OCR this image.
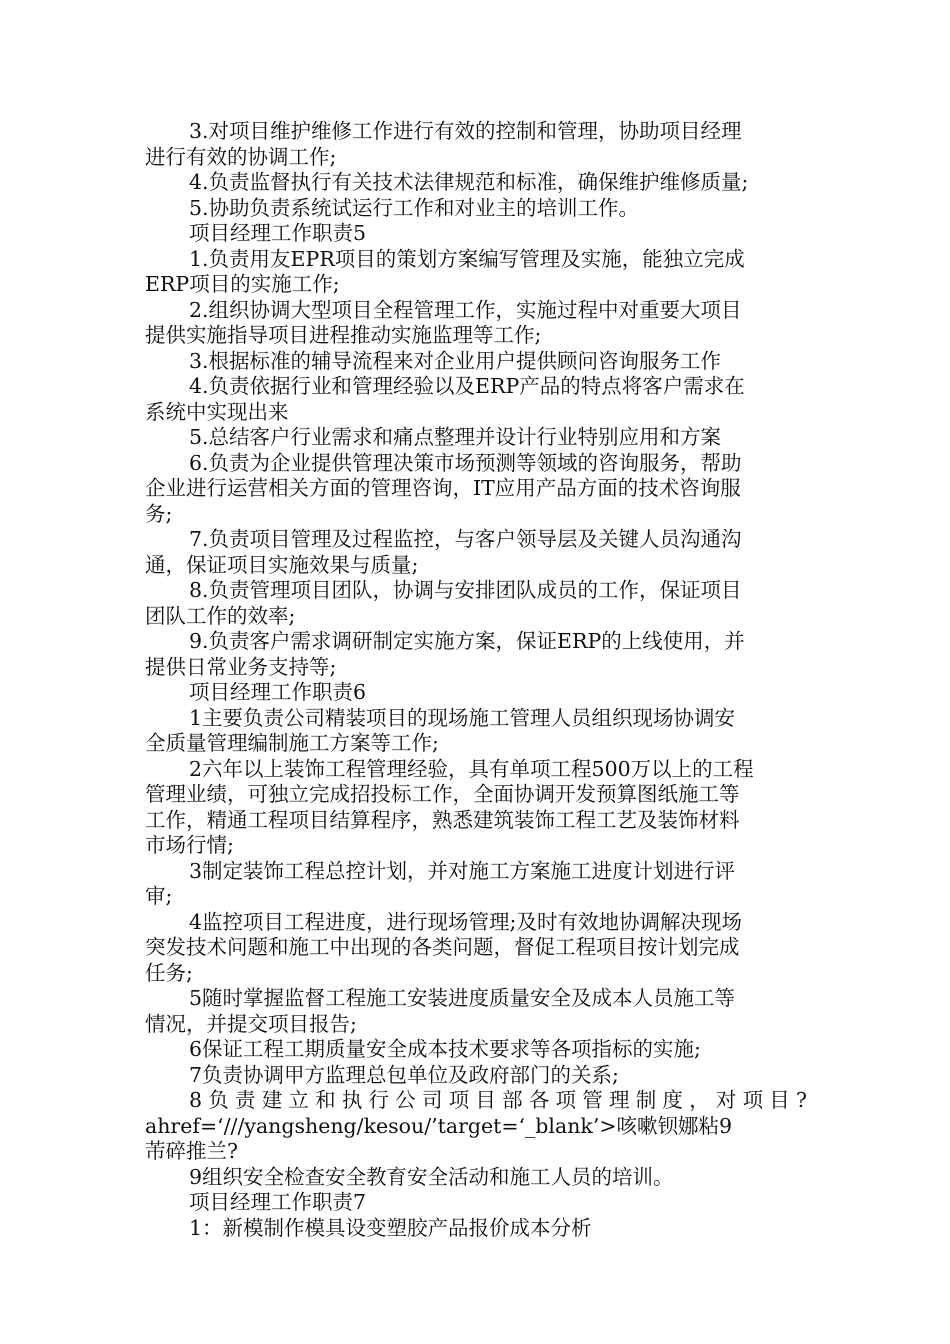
3.对项目维护维修工作进行有效的控制和管理，协助项目经理
进行有效的协调工作;
4.负责监督执行有关技术法律规范和标准，确保维护维修质量;
5.协助负责系统试运行工作和对业主的培训工作。
项目经理工作职责5
1.负责用友EPR项目的策划方案编写管理及实施，能独立完成
ERP项目的实施工作;
2.组织协调大型项目全程管理工作，实施过程中对重要大项目
提供实施指导项目进程推动实施监理等工作;
3.根据标准的辅导流程来对企业用户提供顾问咨询服务工作
4.负责依据行业和管理经验以及ERP产品的特点将客户需求在
系统中实现出来
5.总结客户行业需求和痛点整理并设计行业特别应用和方案
6.负责为企业提供管理决策市场预测等领域的咨询服务，帮助
企业进行运营相关方面的管理咨询，IT应用产品方面的技术咨询服
务;
7.负责项目管理及过程监控，与客户领导层及关键人员沟通沟
通，保证项目实施效果与质量;
8.负责管理项目团队，协调与安排团队成员的工作，保证项目
团队工作的效率;
9.负责客户需求调研制定实施方案，保证ERP的上线使用，并
提供日常业务支持等;
项目经理工作职责6
1主要负责公司精装项目的现场施工管理人员组织现场协调安
全质量管理编制施工方案等工作;
2六年以上装饰工程管理经验，具有单项工程500万以上的工程
管理业绩，可独立完成招投标工作，全面协调开发预算图纸施工等
工作，精通工程项目结算程序，熟悉建筑装饰工程工艺及装饰材料
市场行情;
3制定装饰工程总控计划，并对施工方案施工进度计划进行评
审;
4监控项目工程进度，进行现场管理;及时有效地协调解决现场
突发技术问题和施工中出现的各类问题，督促工程项目按计划完成
任务;
5随时掌握监督工程施工安装进度质量安全及成本人员施工等
情况，并提交项目报告;
6保证工程工期质量安全成本技术要求等各项指标的实施;
7负责协调甲方监理总包单位及政府部门的关系;
8负责建立和执行公司项目部各项管理制度，对项目?
ahref=‘///yangsheng/kesou/’target=‘_blank’>咳嗽钡娜粘9
芾碎推兰?
9组织安全检查安全教育安全活动和施工人员的培训。
项目经理工作职责7
1：新模制作模具设变塑胶产品报价成本分析
